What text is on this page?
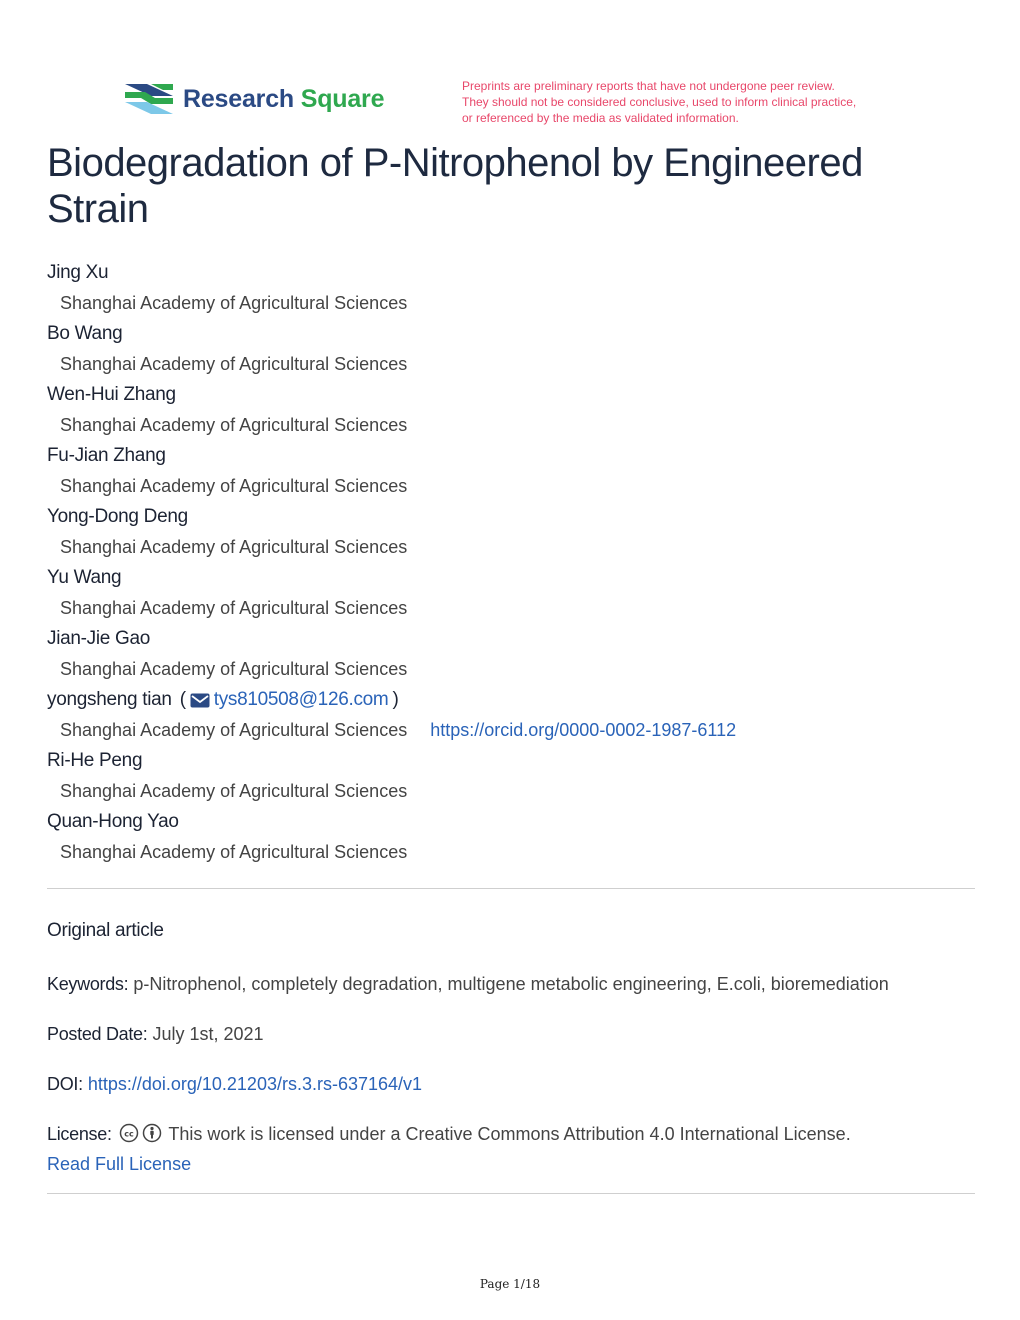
Research Square	Preprints are preliminary reports that have not undergone peer review.
They should not be considered conclusive, used to inform clinical practice,
or referenced by the media as validated information.
Biodegradation of P-Nitrophenol by Engineered Strain
Jing Xu
Shanghai Academy of Agricultural Sciences
Bo Wang
Shanghai Academy of Agricultural Sciences
Wen-Hui Zhang
Shanghai Academy of Agricultural Sciences
Fu-Jian Zhang
Shanghai Academy of Agricultural Sciences
Yong-Dong Deng
Shanghai Academy of Agricultural Sciences
Yu Wang
Shanghai Academy of Agricultural Sciences
Jian-Jie Gao
Shanghai Academy of Agricultural Sciences
yongsheng tian ( tys810508@126.com )
Shanghai Academy of Agricultural Sciences https://orcid.org/0000-0002-1987-6112
Ri-He Peng
Shanghai Academy of Agricultural Sciences
Quan-Hong Yao
Shanghai Academy of Agricultural Sciences
Original article
Keywords: p-Nitrophenol, completely degradation, multigene metabolic engineering, E.coli, bioremediation
Posted Date: July 1st, 2021
DOI: https://doi.org/10.21203/rs.3.rs-637164/v1
License: cc This work is licensed under a Creative Commons Attribution 4.0 International License.
Read Full License
Page 1/18
